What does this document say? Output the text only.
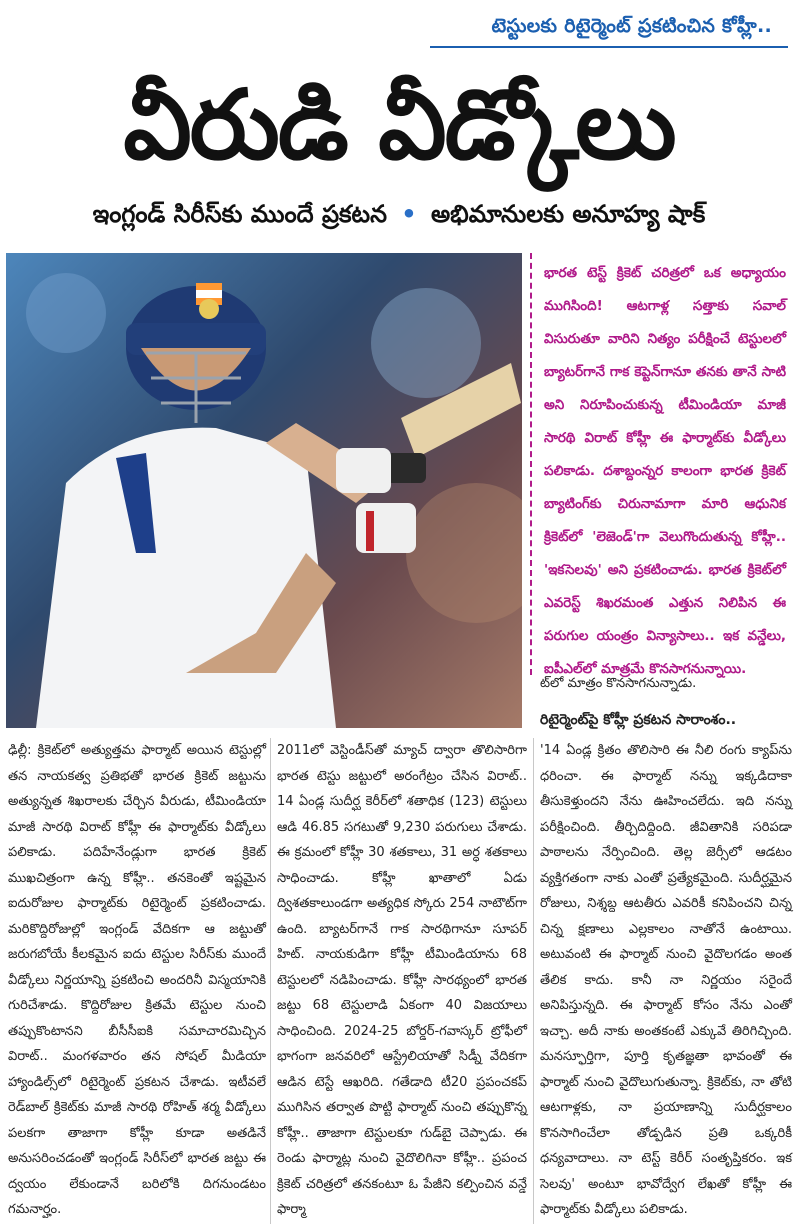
టెస్టులకు రిటైర్మెంట్ ప్రకటించిన కోహ్లీ..
వీరుడి వీడ్కోలు
ఇంగ్లండ్ సిరీస్‌కు ముందే ప్రకటన • అభిమానులకు అనూహ్య షాక్
భారత టెస్ట్ క్రికెట్ చరిత్రలో ఒక అధ్యాయం ముగిసింది! ఆటగాళ్ల సత్తాకు సవాల్ విసురుతూ వారిని నిత్యం పరీక్షించే టెస్టులలో బ్యాటర్‌గానే గాక కెప్టెన్‌గానూ తనకు తానే సాటి అని నిరూపించుకున్న టీమిండియా మాజీ సారథి విరాట్ కోహ్లీ ఈ ఫార్మాట్‌కు వీడ్కోలు పలికాడు. దశాబ్దంన్నర కాలంగా భారత క్రికెట్ బ్యాటింగ్‌కు చిరునామాగా మారి ఆధునిక క్రికెట్‌లో 'లెజెండ్'గా వెలుగొందుతున్న కోహ్లీ.. 'ఇకసెలవు' అని ప్రకటించాడు. భారత క్రికెట్‌లో ఎవరెస్ట్ శిఖరమంత ఎత్తున నిలిపిన ఈ పరుగుల యంత్రం విన్యాసాలు.. ఇక వన్డేలు, ఐపీఎల్‌లో మాత్రమే కొనసాగనున్నాయి.
ట్‌లో మాత్రం కొనసాగనున్నాడు.
రిటైర్మెంట్‌పై కోహ్లీ ప్రకటన సారాంశం..
ఢిల్లీ: క్రికెట్‌లో అత్యుత్తమ ఫార్మాట్ అయిన టెస్టుల్లో తన నాయకత్వ ప్రతిభతో భారత క్రికెట్ జట్టును అత్యున్నత శిఖరాలకు చేర్చిన వీరుడు, టీమిండియా మాజీ సారథి విరాట్ కోహ్లీ ఈ ఫార్మాట్‌కు వీడ్కోలు పలికాడు. పదిహేనేండ్లుగా భారత క్రికెట్ ముఖచిత్రంగా ఉన్న కోహ్లీ.. తనకెంతో ఇష్టమైన ఐదురోజుల ఫార్మాట్‌కు రిటైర్మెంట్ ప్రకటించాడు. మరికొద్దిరోజుల్లో ఇంగ్లండ్ వేదికగా ఆ జట్టుతో జరుగబోయే కీలకమైన ఐదు టెస్టుల సిరీస్‌కు ముందే వీడ్కోలు నిర్ణయాన్ని ప్రకటించి అందరినీ విస్మయానికి గురిచేశాడు. కొద్దిరోజుల క్రితమే టెస్టుల నుంచి తప్పుకొంటానని బీసీసీఐకి సమాచారమిచ్చిన విరాట్.. మంగళవారం తన సోషల్ మీడియా హ్యాండిల్స్‌లో రిటైర్మెంట్ ప్రకటన చేశాడు. ఇటీవలే రెడ్‌బాల్ క్రికెట్‌కు మాజీ సారథి రోహిత్ శర్మ వీడ్కోలు పలకగా తాజాగా కోహ్లీ కూడా అతడినే అనుసరించడంతో ఇంగ్లండ్ సిరీస్‌లో భారత జట్టు ఈ ద్వయం లేకుండానే బరిలోకి దిగనుండటం గమనార్హం.
2011లో వెస్టిండీస్‌తో మ్యాచ్ ద్వారా తొలిసారిగా భారత టెస్టు జట్టులో అరంగేట్రం చేసిన విరాట్.. 14 ఏండ్ల సుదీర్ఘ కెరీర్‌లో శతాధిక (123) టెస్టులు ఆడి 46.85 సగటుతో 9,230 పరుగులు చేశాడు. ఈ క్రమంలో కోహ్లీ 30 శతకాలు, 31 అర్ధ శతకాలు సాధించాడు. కోహ్లీ ఖాతాలో ఏడు ద్విశతకాలుండగా అత్యధిక స్కోరు 254 నాటౌట్‌గా ఉంది. బ్యాటర్‌గానే గాక సారథిగానూ సూపర్ హిట్. నాయకుడిగా కోహ్లీ టీమిండియాను 68 టెస్టులలో నడిపించాడు. కోహ్లీ సారథ్యంలో భారత జట్టు 68 టెస్టులాడి ఏకంగా 40 విజయాలు సాధించింది. 2024-25 బోర్డర్-గవాస్కర్ ట్రోఫీలో భాగంగా జనవరిలో ఆస్ట్రేలియాతో సిడ్నీ వేదికగా ఆడిన టెస్టే ఆఖరిది. గతేడాది టీ20 ప్రపంచకప్ ముగిసిన తర్వాత పొట్టి ఫార్మాట్ నుంచి తప్పుకొన్న కోహ్లీ.. తాజాగా టెస్టులకూ గుడ్‌బై చెప్పాడు. ఈ రెండు ఫార్మాట్ల నుంచి వైదొలిగినా కోహ్లీ.. ప్రపంచ క్రికెట్ చరిత్రలో తనకంటూ ఓ పేజీని కల్పించిన వన్డే ఫార్మా
'14 ఏండ్ల క్రితం తొలిసారి ఈ నీలి రంగు క్యాప్‌ను ధరించా. ఈ ఫార్మాట్ నన్ను ఇక్కడిదాకా తీసుకెళ్తుందని నేను ఊహించలేదు. ఇది నన్ను పరీక్షించింది. తీర్చిదిద్దింది. జీవితానికి సరిపడా పాఠాలను నేర్పించింది. తెల్ల జెర్సీలో ఆడటం వ్యక్తిగతంగా నాకు ఎంతో ప్రత్యేకమైంది. సుదీర్ఘమైన రోజులు, నిశ్శబ్ద ఆటతీరు ఎవరికీ కనిపించని చిన్న చిన్న క్షణాలు ఎల్లకాలం నాతోనే ఉంటాయి. అటువంటి ఈ ఫార్మాట్ నుంచి వైదొలగడం అంత తేలిక కాదు. కానీ నా నిర్ణయం సరైందే అనిపిస్తున్నది. ఈ ఫార్మాట్ కోసం నేను ఎంతో ఇచ్చా. అదీ నాకు అంతకంటే ఎక్కువే తిరిగిచ్చింది. మనస్ఫూర్తిగా, పూర్తి కృతజ్ఞతా భావంతో ఈ ఫార్మాట్ నుంచి వైదొలుగుతున్నా. క్రికెట్‌కు, నా తోటి ఆటగాళ్లకు, నా ప్రయాణాన్ని సుదీర్ఘకాలం కొనసాగించేలా తోడ్పడిన ప్రతి ఒక్కరికీ ధన్యవాదాలు. నా టెస్ట్ కెరీర్ సంతృప్తికరం. ఇక సెలవు' అంటూ భావోద్వేగ లేఖతో కోహ్లీ ఈ ఫార్మాట్‌కు వీడ్కోలు పలికాడు.
